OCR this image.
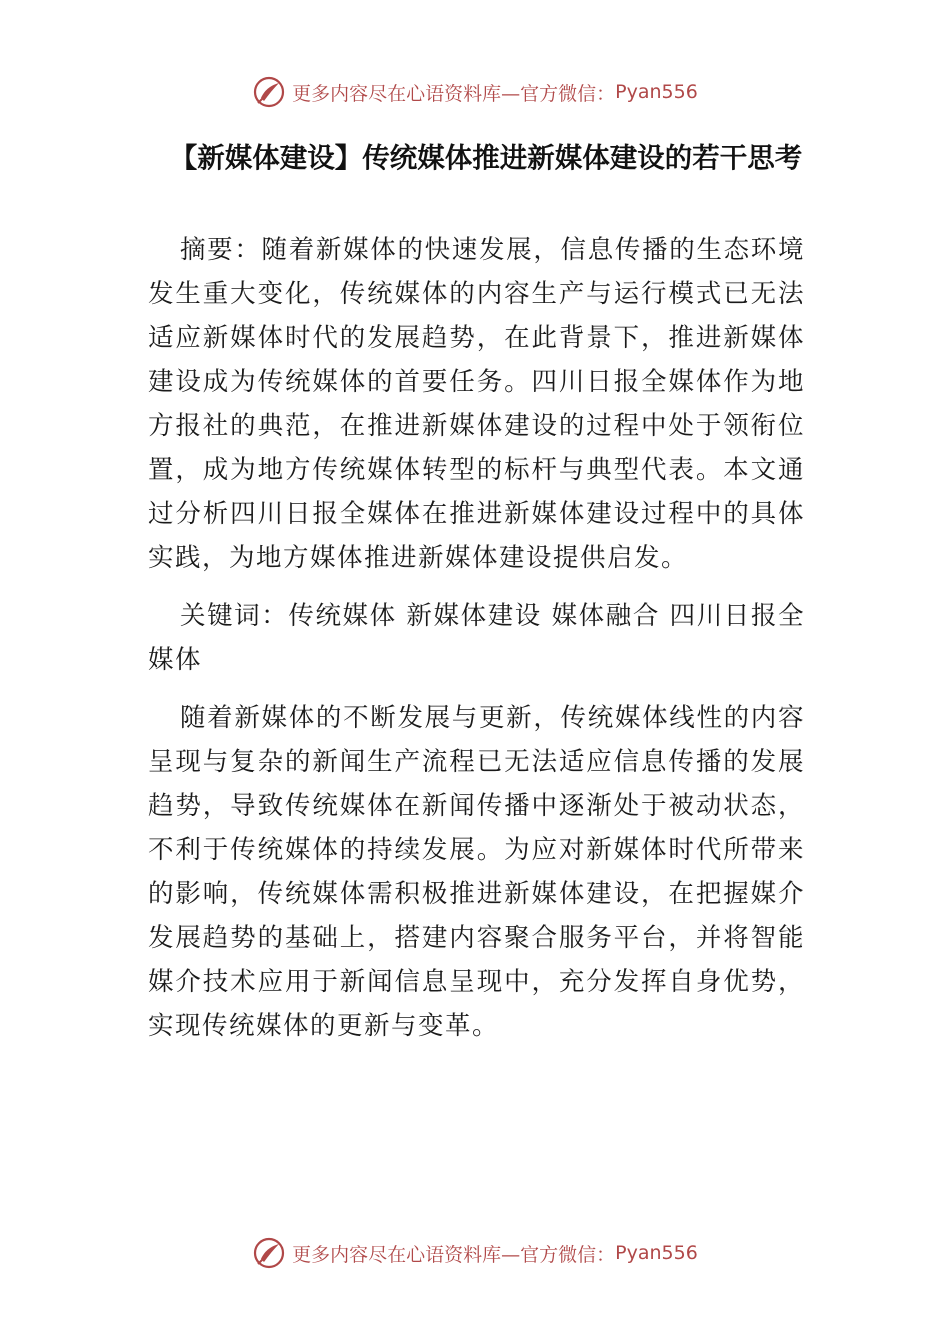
更多内容尽在心语资料库—官方微信： Pyan556
【新媒体建设】传统媒体推进新媒体建设的若干思考

摘要：随着新媒体的快速发展，信息传播的生态环境发生重大变化，传统媒体的内容生产与运行模式已无法适应新媒体时代的发展趋势，在此背景下，推进新媒体建设成为传统媒体的首要任务。四川日报全媒体作为地方报社的典范，在推进新媒体建设的过程中处于领衔位置，成为地方传统媒体转型的标杆与典型代表。本文通过分析四川日报全媒体在推进新媒体建设过程中的具体实践，为地方媒体推进新媒体建设提供启发。

关键词：传统媒体 新媒体建设 媒体融合 四川日报全媒体

随着新媒体的不断发展与更新，传统媒体线性的内容呈现与复杂的新闻生产流程已无法适应信息传播的发展趋势，导致传统媒体在新闻传播中逐渐处于被动状态，不利于传统媒体的持续发展。为应对新媒体时代所带来的影响，传统媒体需积极推进新媒体建设，在把握媒介发展趋势的基础上，搭建内容聚合服务平台，并将智能媒介技术应用于新闻信息呈现中，充分发挥自身优势，实现传统媒体的更新与变革。

更多内容尽在心语资料库—官方微信： Pyan556
